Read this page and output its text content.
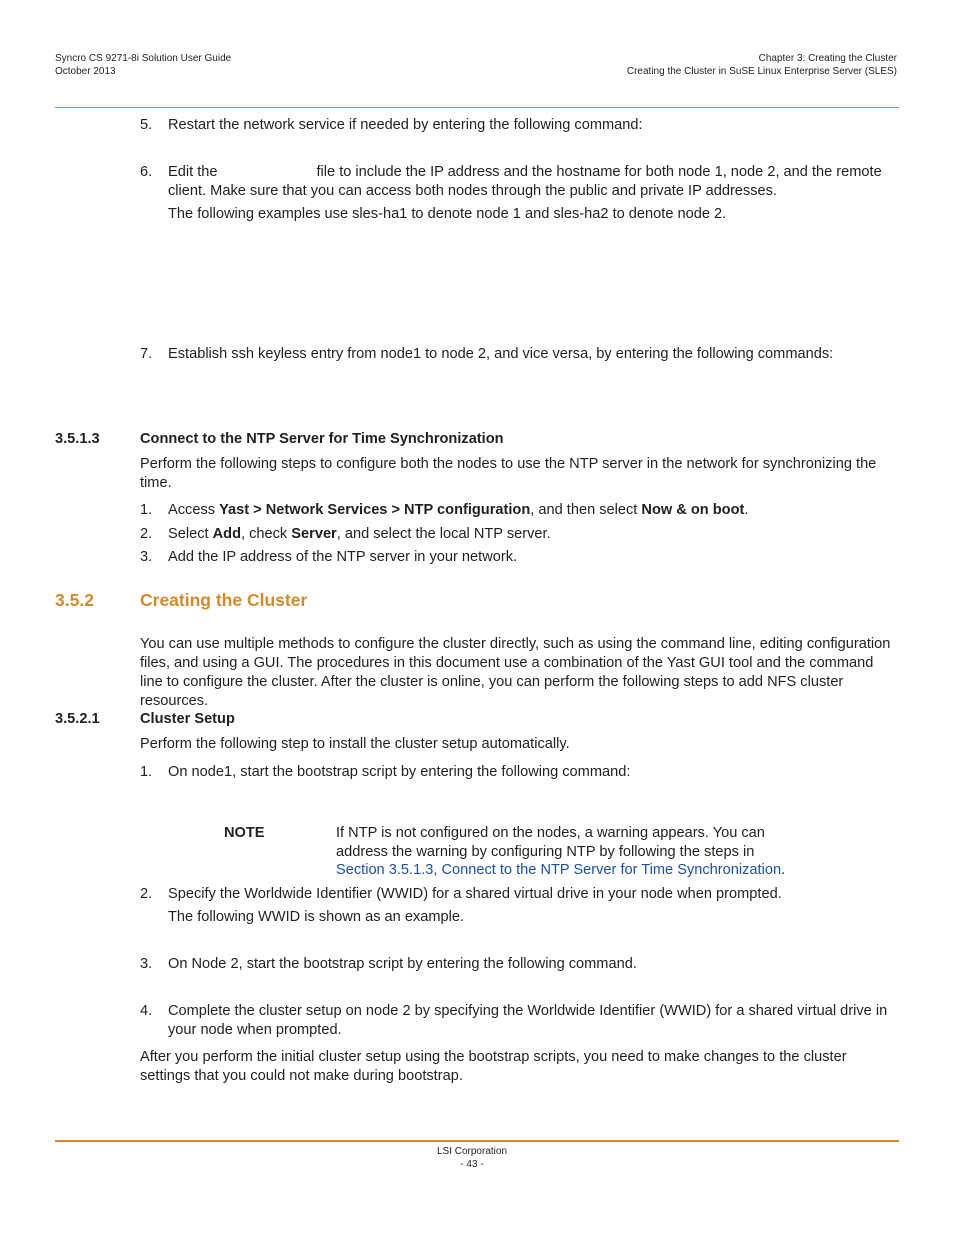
Syncro CS 9271-8i Solution User Guide
October 2013
Chapter 3: Creating the Cluster
Creating the Cluster in SuSE Linux Enterprise Server (SLES)
5. Restart the network service if needed by entering the following command:
6. Edit the	file to include the IP address and the hostname for both node 1, node 2, and the remote
client. Make sure that you can access both nodes through the public and private IP addresses.
The following examples use sles-ha1 to denote node 1 and sles-ha2 to denote node 2.
7. Establish ssh keyless entry from node1 to node 2, and vice versa, by entering the following commands:
3.5.1.3	Connect to the NTP Server for Time Synchronization
Perform the following steps to configure both the nodes to use the NTP server in the network for synchronizing the time.
1. Access Yast > Network Services > NTP configuration, and then select Now & on boot.
2. Select Add, check Server, and select the local NTP server.
3. Add the IP address of the NTP server in your network.
3.5.2	Creating the Cluster
You can use multiple methods to configure the cluster directly, such as using the command line, editing configuration files, and using a GUI. The procedures in this document use a combination of the Yast GUI tool and the command line to configure the cluster. After the cluster is online, you can perform the following steps to add NFS cluster resources.
3.5.2.1	Cluster Setup
Perform the following step to install the cluster setup automatically.
1. On node1, start the bootstrap script by entering the following command:
NOTE	If NTP is not configured on the nodes, a warning appears. You can address the warning by configuring NTP by following the steps in Section 3.5.1.3, Connect to the NTP Server for Time Synchronization.
2. Specify the Worldwide Identifier (WWID) for a shared virtual drive in your node when prompted.
The following WWID is shown as an example.
3. On Node 2, start the bootstrap script by entering the following command.
4. Complete the cluster setup on node 2 by specifying the Worldwide Identifier (WWID) for a shared virtual drive in your node when prompted.
After you perform the initial cluster setup using the bootstrap scripts, you need to make changes to the cluster settings that you could not make during bootstrap.
LSI Corporation
- 43 -
